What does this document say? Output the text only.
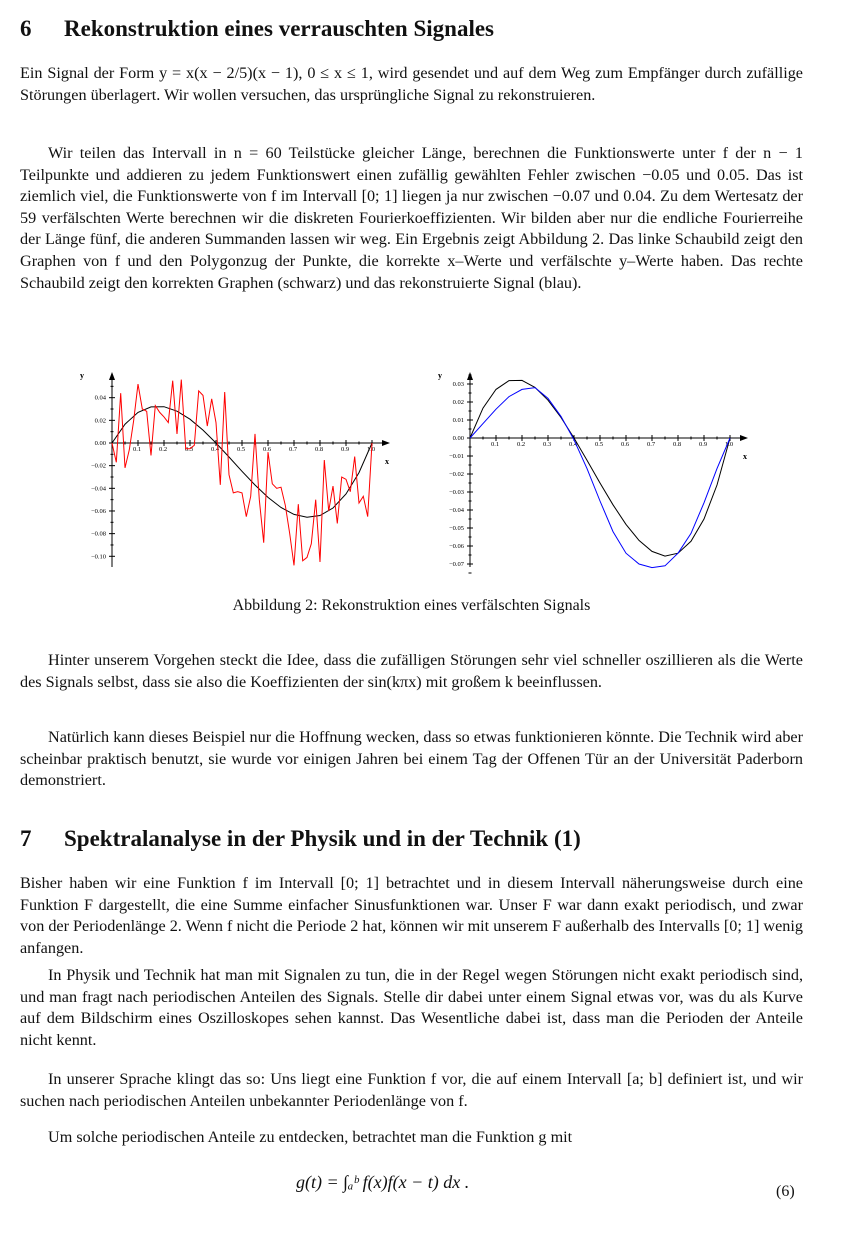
6 Rekonstruktion eines verrauschten Signales

Ein Signal der Form y = x(x − 2/5)(x − 1), 0 ≤ x ≤ 1, wird gesendet und auf dem Weg zum Empfänger durch zufällige Störungen überlagert. Wir wollen versuchen, das ursprüngliche Signal zu rekonstruieren.

Wir teilen das Intervall in n = 60 Teilstücke gleicher Länge, berechnen die Funktionswerte unter f der n − 1 Teilpunkte und addieren zu jedem Funktionswert einen zufällig gewählten Fehler zwischen −0.05 und 0.05. Das ist ziemlich viel, die Funktionswerte von f im Intervall [0; 1] liegen ja nur zwischen −0.07 und 0.04. Zu dem Wertesatz der 59 verfälschten Werte berechnen wir die diskreten Fourierkoeffizienten. Wir bilden aber nur die endliche Fourierreihe der Länge fünf, die anderen Summanden lassen wir weg. Ein Ergebnis zeigt Abbildung 2. Das linke Schaubild zeigt den Graphen von f und den Polygonzug der Punkte, die korrekte x–Werte und verfälschte y–Werte haben. Das rechte Schaubild zeigt den korrekten Graphen (schwarz) und das rekonstruierte Signal (blau).

y
x
0.1	0.2	0.3	0.4	0.5	0.6	0.7	0.8	0.9	1.0
0.04
0.02
0.00
−0.02
−0.04
−0.06
−0.08
−0.10
y
x
0.1	0.2	0.3	0.4	0.5	0.6	0.7	0.8	0.9	1.0
0.03
0.02
0.01
0.00
−0.01
−0.02
−0.03
−0.04
−0.05
−0.06
−0.07
Abbildung 2: Rekonstruktion eines verfälschten Signals

Hinter unserem Vorgehen steckt die Idee, dass die zufälligen Störungen sehr viel schneller oszillieren als die Werte des Signals selbst, dass sie also die Koeffizienten der sin(kπx) mit großem k beeinflussen.

Natürlich kann dieses Beispiel nur die Hoffnung wecken, dass so etwas funktionieren könnte. Die Technik wird aber scheinbar praktisch benutzt, sie wurde vor einigen Jahren bei einem Tag der Offenen Tür an der Universität Paderborn demonstriert.

7 Spektralanalyse in der Physik und in der Technik (1)

Bisher haben wir eine Funktion f im Intervall [0; 1] betrachtet und in diesem Intervall näherungsweise durch eine Funktion F dargestellt, die eine Summe einfacher Sinusfunktionen war. Unser F war dann exakt periodisch, und zwar von der Periodenlänge 2. Wenn f nicht die Periode 2 hat, können wir mit unserem F außerhalb des Intervalls [0; 1] wenig anfangen.

In Physik und Technik hat man mit Signalen zu tun, die in der Regel wegen Störungen nicht exakt periodisch sind, und man fragt nach periodischen Anteilen des Signals. Stelle dir dabei unter einem Signal etwas vor, was du als Kurve auf dem Bildschirm eines Oszilloskopes sehen kannst. Das Wesentliche dabei ist, dass man die Perioden der Anteile nicht kennt.

In unserer Sprache klingt das so: Uns liegt eine Funktion f vor, die auf einem Intervall [a; b] definiert ist, und wir suchen nach periodischen Anteilen unbekannter Periodenlänge von f.

Um solche periodischen Anteile zu entdecken, betrachtet man die Funktion g mit

g(t) = ∫ₐᵇ f(x)f(x − t) dx .	(6)
